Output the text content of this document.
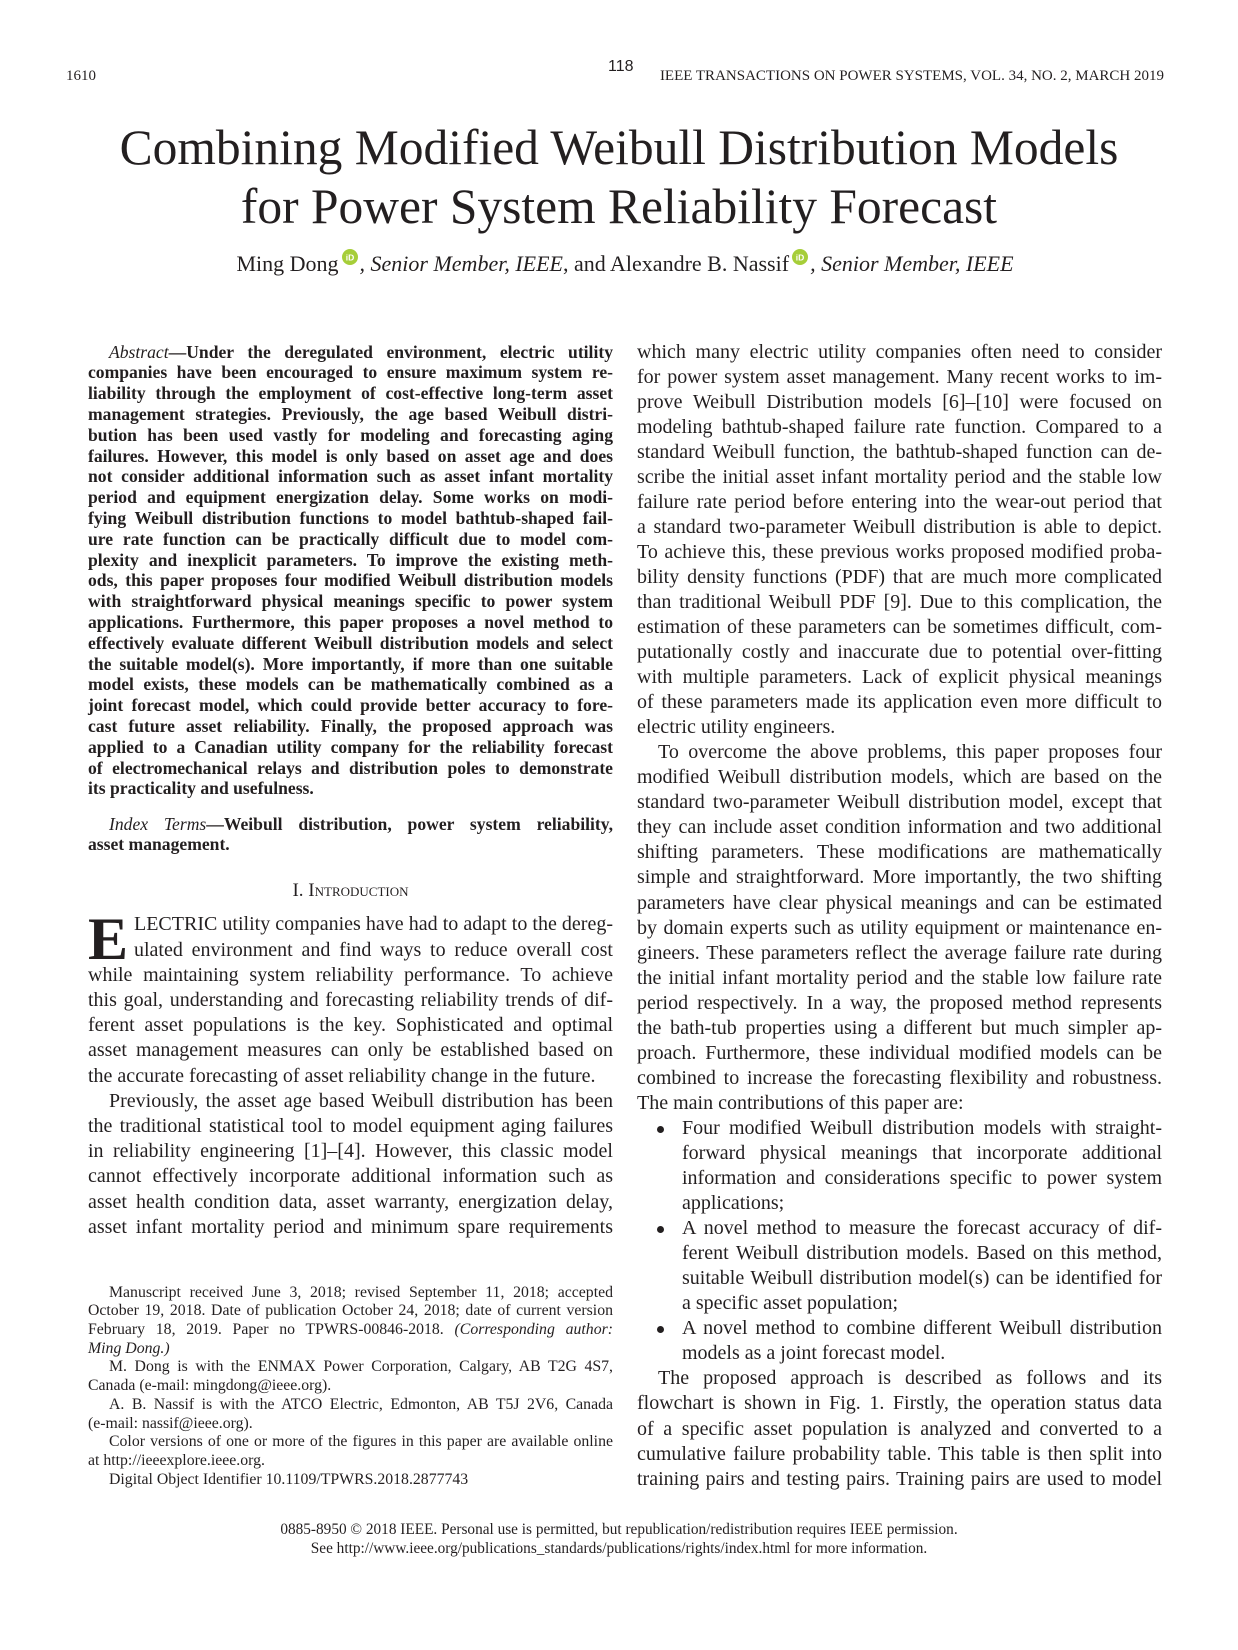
1610
118
IEEE TRANSACTIONS ON POWER SYSTEMS, VOL. 34, NO. 2, MARCH 2019
Combining Modified Weibull Distribution Models
for Power System Reliability Forecast
Ming Dong iD , Senior Member, IEEE, and Alexandre B. Nassif iD , Senior Member, IEEE
Abstract—Under the deregulated environment, electric utility
companies have been encouraged to ensure maximum system re-
liability through the employment of cost-effective long-term asset
management strategies. Previously, the age based Weibull distri-
bution has been used vastly for modeling and forecasting aging
failures. However, this model is only based on asset age and does
not consider additional information such as asset infant mortality
period and equipment energization delay. Some works on modi-
fying Weibull distribution functions to model bathtub-shaped fail-
ure rate function can be practically difficult due to model com-
plexity and inexplicit parameters. To improve the existing meth-
ods, this paper proposes four modified Weibull distribution models
with straightforward physical meanings specific to power system
applications. Furthermore, this paper proposes a novel method to
effectively evaluate different Weibull distribution models and select
the suitable model(s). More importantly, if more than one suitable
model exists, these models can be mathematically combined as a
joint forecast model, which could provide better accuracy to fore-
cast future asset reliability. Finally, the proposed approach was
applied to a Canadian utility company for the reliability forecast
of electromechanical relays and distribution poles to demonstrate
its practicality and usefulness.
Index Terms—Weibull distribution, power system reliability,
asset management.
I. Introduction
E LECTRIC utility companies have had to adapt to the dereg-
ulated environment and find ways to reduce overall cost
while maintaining system reliability performance. To achieve
this goal, understanding and forecasting reliability trends of dif-
ferent asset populations is the key. Sophisticated and optimal
asset management measures can only be established based on
the accurate forecasting of asset reliability change in the future.
Previously, the asset age based Weibull distribution has been
the traditional statistical tool to model equipment aging failures
in reliability engineering [1]–[4]. However, this classic model
cannot effectively incorporate additional information such as
asset health condition data, asset warranty, energization delay,
asset infant mortality period and minimum spare requirements
Manuscript received June 3, 2018; revised September 11, 2018; accepted
October 19, 2018. Date of publication October 24, 2018; date of current version
February 18, 2019. Paper no TPWRS-00846-2018. (Corresponding author:
Ming Dong.)
M. Dong is with the ENMAX Power Corporation, Calgary, AB T2G 4S7,
Canada (e-mail: mingdong@ieee.org).
A. B. Nassif is with the ATCO Electric, Edmonton, AB T5J 2V6, Canada
(e-mail: nassif@ieee.org).
Color versions of one or more of the figures in this paper are available online
at http://ieeexplore.ieee.org.
Digital Object Identifier 10.1109/TPWRS.2018.2877743
which many electric utility companies often need to consider
for power system asset management. Many recent works to im-
prove Weibull Distribution models [6]–[10] were focused on
modeling bathtub-shaped failure rate function. Compared to a
standard Weibull function, the bathtub-shaped function can de-
scribe the initial asset infant mortality period and the stable low
failure rate period before entering into the wear-out period that
a standard two-parameter Weibull distribution is able to depict.
To achieve this, these previous works proposed modified proba-
bility density functions (PDF) that are much more complicated
than traditional Weibull PDF [9]. Due to this complication, the
estimation of these parameters can be sometimes difficult, com-
putationally costly and inaccurate due to potential over-fitting
with multiple parameters. Lack of explicit physical meanings
of these parameters made its application even more difficult to
electric utility engineers.
To overcome the above problems, this paper proposes four
modified Weibull distribution models, which are based on the
standard two-parameter Weibull distribution model, except that
they can include asset condition information and two additional
shifting parameters. These modifications are mathematically
simple and straightforward. More importantly, the two shifting
parameters have clear physical meanings and can be estimated
by domain experts such as utility equipment or maintenance en-
gineers. These parameters reflect the average failure rate during
the initial infant mortality period and the stable low failure rate
period respectively. In a way, the proposed method represents
the bath-tub properties using a different but much simpler ap-
proach. Furthermore, these individual modified models can be
combined to increase the forecasting flexibility and robustness.
The main contributions of this paper are:
Four modified Weibull distribution models with straight-
forward physical meanings that incorporate additional
information and considerations specific to power system
applications;
A novel method to measure the forecast accuracy of dif-
ferent Weibull distribution models. Based on this method,
suitable Weibull distribution model(s) can be identified for
a specific asset population;
A novel method to combine different Weibull distribution
models as a joint forecast model.
The proposed approach is described as follows and its
flowchart is shown in Fig. 1. Firstly, the operation status data
of a specific asset population is analyzed and converted to a
cumulative failure probability table. This table is then split into
training pairs and testing pairs. Training pairs are used to model
0885-8950 © 2018 IEEE. Personal use is permitted, but republication/redistribution requires IEEE permission.
See http://www.ieee.org/publications_standards/publications/rights/index.html for more information.
